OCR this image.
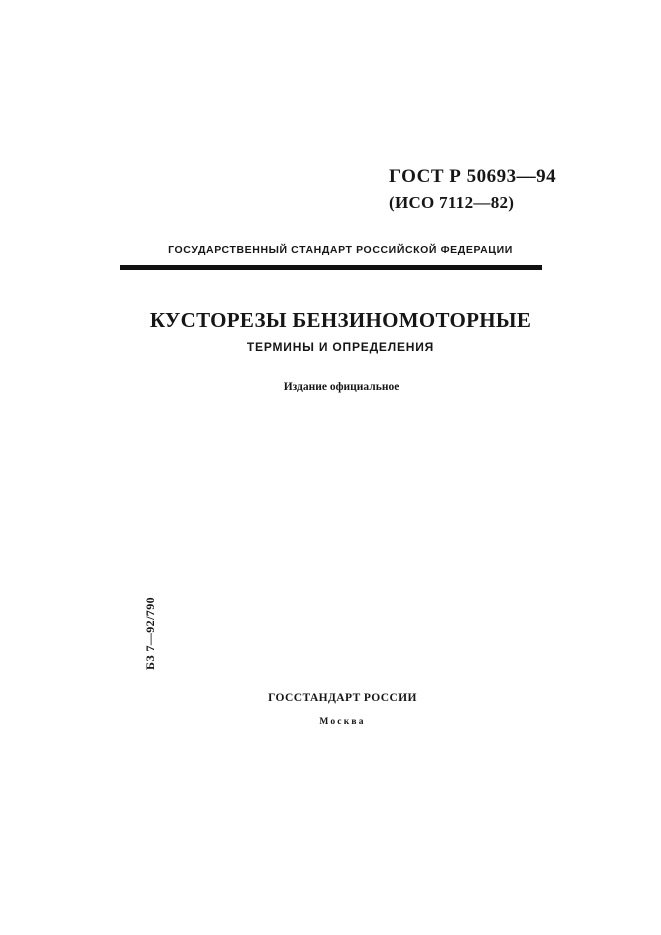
ГОСТ Р 50693—94
(ИСО 7112—82)
ГОСУДАРСТВЕННЫЙ СТАНДАРТ РОССИЙСКОЙ ФЕДЕРАЦИИ
КУСТОРЕЗЫ БЕНЗИНОМОТОРНЫЕ
ТЕРМИНЫ И ОПРЕДЕЛЕНИЯ
Издание официальное
БЗ 7—92/790
ГОССТАНДАРТ РОССИИ
Москва
